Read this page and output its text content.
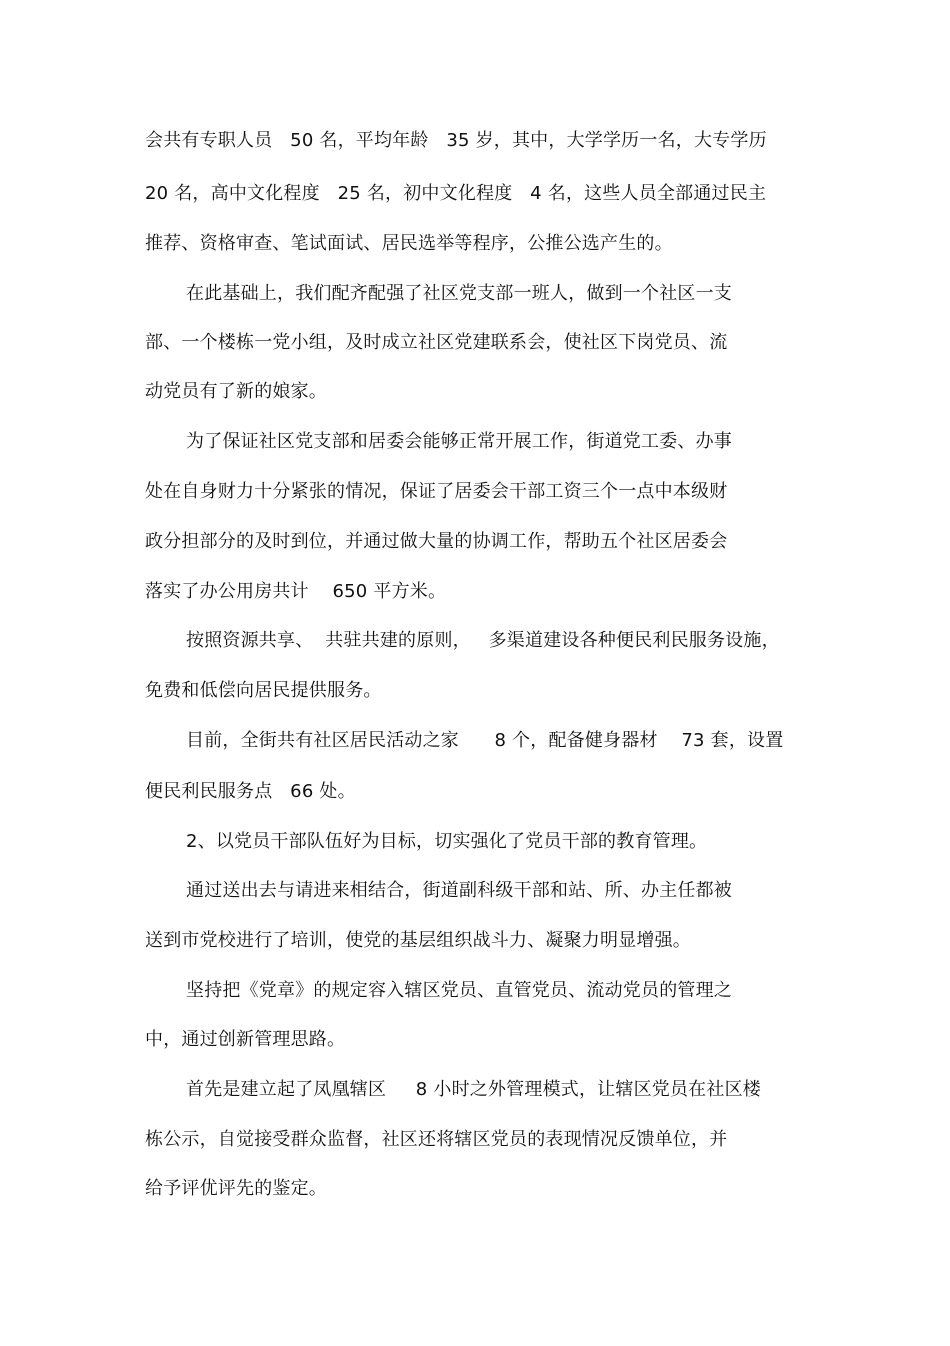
会共有专职人员   50 名，平均年龄   35 岁，其中，大学学历一名，大专学历
20 名，高中文化程度   25 名，初中文化程度   4 名，这些人员全部通过民主
推荐、资格审查、笔试面试、居民选举等程序，公推公选产生的。
在此基础上，我们配齐配强了社区党支部一班人，做到一个社区一支
部、一个楼栋一党小组，及时成立社区党建联系会，使社区下岗党员、流
动党员有了新的娘家。
为了保证社区党支部和居委会能够正常开展工作，街道党工委、办事
处在自身财力十分紧张的情况，保证了居委会干部工资三个一点中本级财
政分担部分的及时到位，并通过做大量的协调工作，帮助五个社区居委会
落实了办公用房共计    650 平方米。
按照资源共享、  共驻共建的原则，   多渠道建设各种便民利民服务设施，
免费和低偿向居民提供服务。
目前，全街共有社区居民活动之家      8 个，配备健身器材    73 套，设置
便民利民服务点   66 处。
2、以党员干部队伍好为目标，切实强化了党员干部的教育管理。
通过送出去与请进来相结合，街道副科级干部和站、所、办主任都被
送到市党校进行了培训，使党的基层组织战斗力、凝聚力明显增强。
坚持把《党章》的规定容入辖区党员、直管党员、流动党员的管理之
中，通过创新管理思路。
首先是建立起了凤凰辖区     8 小时之外管理模式，让辖区党员在社区楼
栋公示，自觉接受群众监督，社区还将辖区党员的表现情况反馈单位，并
给予评优评先的鉴定。
